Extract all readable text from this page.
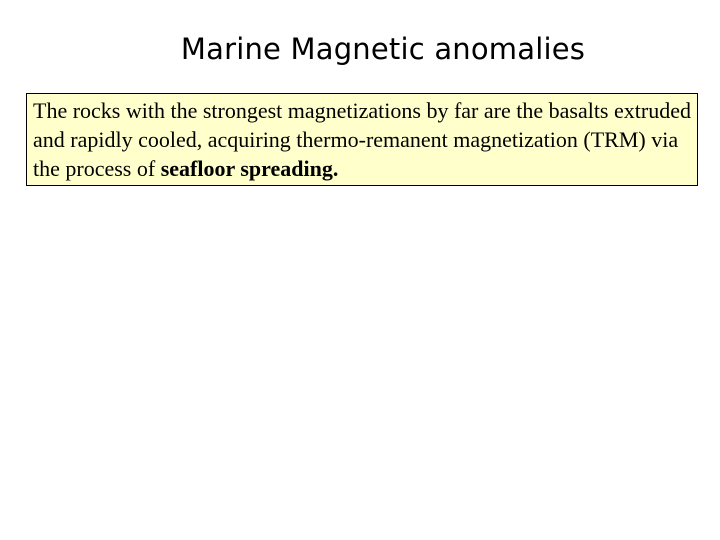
Marine Magnetic anomalies
The rocks with the strongest magnetizations by far are the basalts extruded and rapidly cooled, acquiring thermo-remanent magnetization (TRM) via the process of seafloor spreading.
